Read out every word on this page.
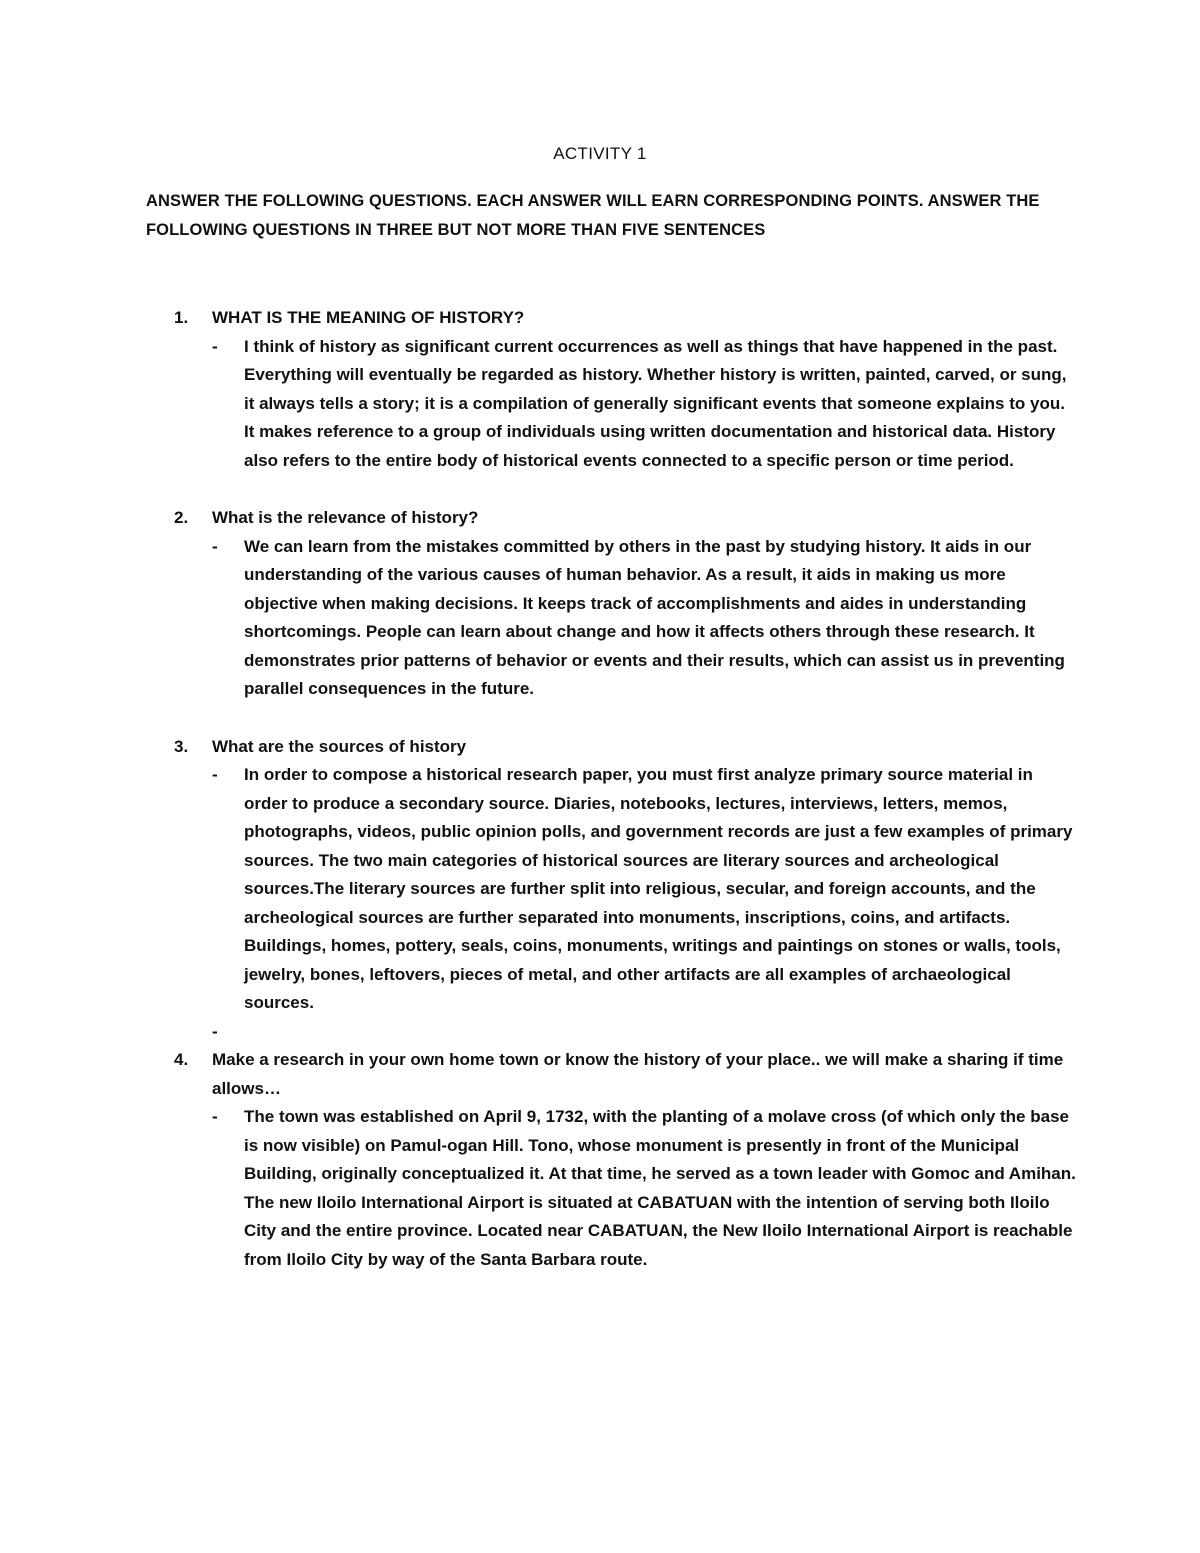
ACTIVITY 1
ANSWER THE FOLLOWING QUESTIONS. EACH ANSWER WILL EARN CORRESPONDING POINTS. ANSWER THE FOLLOWING QUESTIONS IN THREE BUT NOT MORE THAN FIVE SENTENCES
1.	WHAT IS THE MEANING OF HISTORY?
-	I think of history as significant current occurrences as well as things that have happened in the past. Everything will eventually be regarded as history. Whether history is written, painted, carved, or sung, it always tells a story; it is a compilation of generally significant events that someone explains to you. It makes reference to a group of individuals using written documentation and historical data. History also refers to the entire body of historical events connected to a specific person or time period.
2.	What is the relevance of history?
-	We can learn from the mistakes committed by others in the past by studying history. It aids in our understanding of the various causes of human behavior. As a result, it aids in making us more objective when making decisions. It keeps track of accomplishments and aides in understanding shortcomings. People can learn about change and how it affects others through these research. It demonstrates prior patterns of behavior or events and their results, which can assist us in preventing parallel consequences in the future.
3.	What are the sources of history
-	In order to compose a historical research paper, you must first analyze primary source material in order to produce a secondary source. Diaries, notebooks, lectures, interviews, letters, memos, photographs, videos, public opinion polls, and government records are just a few examples of primary sources. The two main categories of historical sources are literary sources and archeological sources.The literary sources are further split into religious, secular, and foreign accounts, and the archeological sources are further separated into monuments, inscriptions, coins, and artifacts. Buildings, homes, pottery, seals, coins, monuments, writings and paintings on stones or walls, tools, jewelry, bones, leftovers, pieces of metal, and other artifacts are all examples of archaeological sources.
-
4.	Make a research in your own home town or know the history of your place.. we will make a sharing if time allows…
-	The town was established on April 9, 1732, with the planting of a molave cross (of which only the base is now visible) on Pamul-ogan Hill. Tono, whose monument is presently in front of the Municipal Building, originally conceptualized it. At that time, he served as a town leader with Gomoc and Amihan. The new Iloilo International Airport is situated at CABATUAN with the intention of serving both Iloilo City and the entire province. Located near CABATUAN, the New Iloilo International Airport is reachable from Iloilo City by way of the Santa Barbara route.
